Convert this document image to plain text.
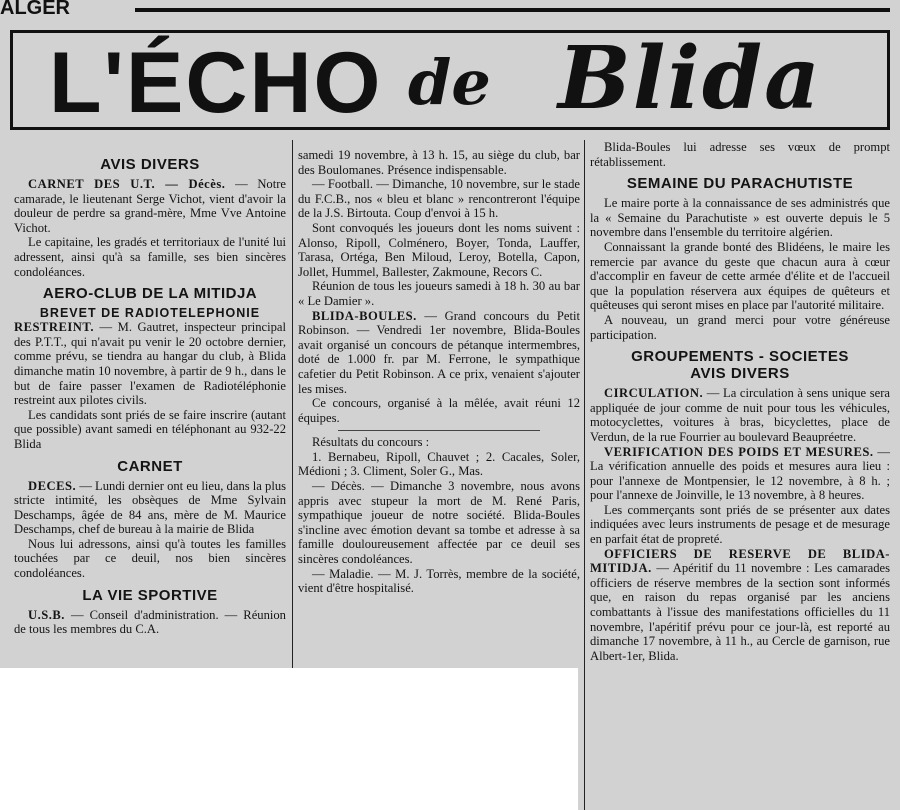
ALGER
L'ÉCHO de Blida
AVIS DIVERS

CARNET DES U.T. — Décès. — Notre camarade, le lieutenant Serge Vichot, vient d'avoir la douleur de perdre sa grand-mère, Mme Vve Antoine Vichot.

Le capitaine, les gradés et territoriaux de l'unité lui adressent, ainsi qu'à sa famille, ses bien sincères condoléances.

AERO-CLUB DE LA MITIDJA
BREVET DE RADIOTELEPHONIE

RESTREINT. — M. Gautret, inspecteur principal des P.T.T., qui n'avait pu venir le 20 octobre dernier, comme prévu, se tiendra au hangar du club, à Blida dimanche matin 10 novembre, à partir de 9 h., dans le but de faire passer l'examen de Radiotéléphonie restreint aux pilotes civils.

Les candidats sont priés de se faire inscrire (autant que possible) avant samedi en téléphonant au 932-22 Blida

CARNET

DECES. — Lundi dernier ont eu lieu, dans la plus stricte intimité, les obsèques de Mme Sylvain Deschamps, âgée de 84 ans, mère de M. Maurice Deschamps, chef de bureau à la mairie de Blida

Nous lui adressons, ainsi qu'à toutes les familles touchées par ce deuil, nos bien sincères condoléances.

LA VIE SPORTIVE

U.S.B. — Conseil d'administration. — Réunion de tous les membres du C.A.

samedi 19 novembre, à 13 h. 15, au siège du club, bar des Boulomanes. Présence indispensable.

— Football. — Dimanche, 10 novembre, sur le stade du F.C.B., nos « bleu et blanc » rencontreront l'équipe de la J.S. Birtouta. Coup d'envoi à 15 h.

Sont convoqués les joueurs dont les noms suivent : Alonso, Ripoll, Colménero, Boyer, Tonda, Lauffer, Tarasa, Ortéga, Ben Miloud, Leroy, Botella, Capon, Jollet, Hummel, Ballester, Zakmoune, Recors C.

Réunion de tous les joueurs samedi à 18 h. 30 au bar « Le Damier ».

BLIDA-BOULES. — Grand concours du Petit Robinson. — Vendredi 1er novembre, Blida-Boules avait organisé un concours de pétanque intermembres, doté de 1.000 fr. par M. Ferrone, le sympathique cafetier du Petit Robinson. A ce prix, venaient s'ajouter les mises.

Ce concours, organisé à la mêlée, avait réuni 12 équipes.

Résultats du concours :

1. Bernabeu, Ripoll, Chauvet ; 2. Cacales, Soler, Médioni ; 3. Climent, Soler G., Mas.

— Décès. — Dimanche 3 novembre, nous avons appris avec stupeur la mort de M. René Paris, sympathique joueur de notre société. Blida-Boules s'incline avec émotion devant sa tombe et adresse à sa famille douloureusement affectée par ce deuil ses sincères condoléances.

— Maladie. — M. J. Torrès, membre de la société, vient d'être hospitalisé.

Blida-Boules lui adresse ses vœux de prompt rétablissement.

SEMAINE DU PARACHUTISTE

Le maire porte à la connaissance de ses administrés que la « Semaine du Parachutiste » est ouverte depuis le 5 novembre dans l'ensemble du territoire algérien.

Connaissant la grande bonté des Blidéens, le maire les remercie par avance du geste que chacun aura à cœur d'accomplir en faveur de cette armée d'élite et de l'accueil que la population réservera aux équipes de quêteurs et quêteuses qui seront mises en place par l'autorité militaire.

A nouveau, un grand merci pour votre généreuse participation.

GROUPEMENTS - SOCIETES
AVIS DIVERS

CIRCULATION. — La circulation à sens unique sera appliquée de jour comme de nuit pour tous les véhicules, motocyclettes, voitures à bras, bicyclettes, place de Verdun, de la rue Fourrier au boulevard Beaupréetre.

VERIFICATION DES POIDS ET MESURES. — La vérification annuelle des poids et mesures aura lieu : pour l'annexe de Montpensier, le 12 novembre, à 8 h. ; pour l'annexe de Joinville, le 13 novembre, à 8 heures.

Les commerçants sont priés de se présenter aux dates indiquées avec leurs instruments de pesage et de mesurage en parfait état de propreté.

OFFICIERS DE RESERVE DE BLIDA-MITIDJA. — Apéritif du 11 novembre : Les camarades officiers de réserve membres de la section sont informés que, en raison du repas organisé par les anciens combattants à l'issue des manifestations officielles du 11 novembre, l'apéritif prévu pour ce jour-là, est reporté au dimanche 17 novembre, à 11 h., au Cercle de garnison, rue Albert-1er, Blida.
